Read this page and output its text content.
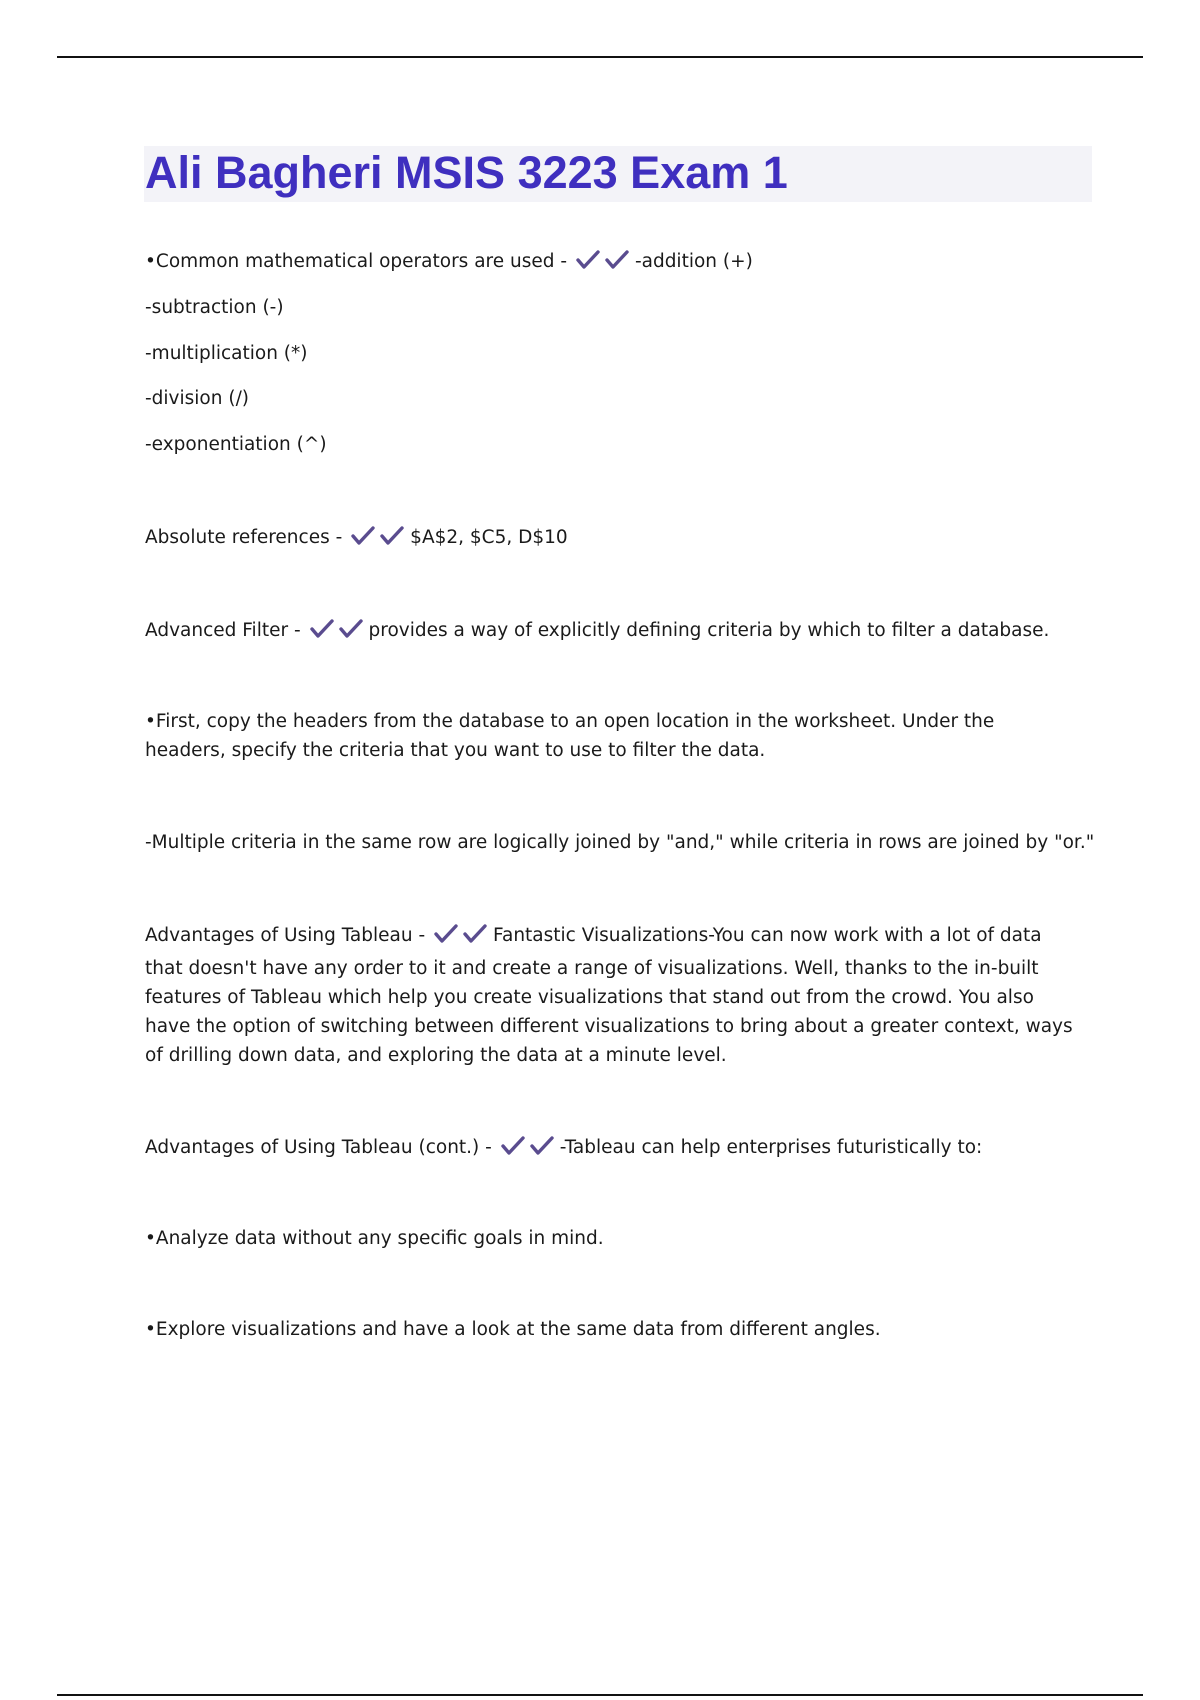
Ali Bagheri MSIS 3223 Exam 1

•Common mathematical operators are used -	-addition (+)

-subtraction (-)

-multiplication (*)

-division (/)

-exponentiation (^)

Absolute references -	$A$2, $C5, D$10

Advanced Filter -	provides a way of explicitly defining criteria by which to filter a database.

•First, copy the headers from the database to an open location in the worksheet. Under the headers, specify the criteria that you want to use to filter the data.

-Multiple criteria in the same row are logically joined by "and," while criteria in rows are joined by "or."

Advantages of Using Tableau -	Fantastic Visualizations-You can now work with a lot of data that doesn't have any order to it and create a range of visualizations. Well, thanks to the in-built features of Tableau which help you create visualizations that stand out from the crowd. You also have the option of switching between different visualizations to bring about a greater context, ways of drilling down data, and exploring the data at a minute level.

Advantages of Using Tableau (cont.) -	-Tableau can help enterprises futuristically to:

•Analyze data without any specific goals in mind.

•Explore visualizations and have a look at the same data from different angles.
